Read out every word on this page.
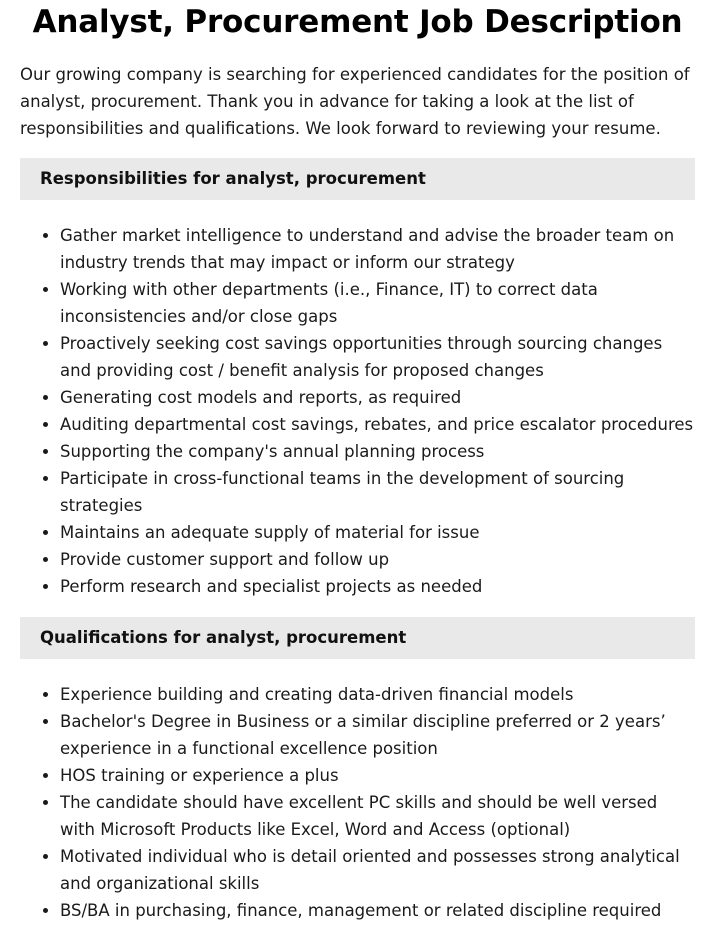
Analyst, Procurement Job Description

Our growing company is searching for experienced candidates for the position of analyst, procurement. Thank you in advance for taking a look at the list of responsibilities and qualifications. We look forward to reviewing your resume.

Responsibilities for analyst, procurement
• Gather market intelligence to understand and advise the broader team on industry trends that may impact or inform our strategy
• Working with other departments (i.e., Finance, IT) to correct data inconsistencies and/or close gaps
• Proactively seeking cost savings opportunities through sourcing changes and providing cost / benefit analysis for proposed changes
• Generating cost models and reports, as required
• Auditing departmental cost savings, rebates, and price escalator procedures
• Supporting the company's annual planning process
• Participate in cross-functional teams in the development of sourcing strategies
• Maintains an adequate supply of material for issue
• Provide customer support and follow up
• Perform research and specialist projects as needed
Qualifications for analyst, procurement
• Experience building and creating data-driven financial models
• Bachelor's Degree in Business or a similar discipline preferred or 2 years’ experience in a functional excellence position
• HOS training or experience a plus
• The candidate should have excellent PC skills and should be well versed with Microsoft Products like Excel, Word and Access (optional)
• Motivated individual who is detail oriented and possesses strong analytical and organizational skills
• BS/BA in purchasing, finance, management or related discipline required
